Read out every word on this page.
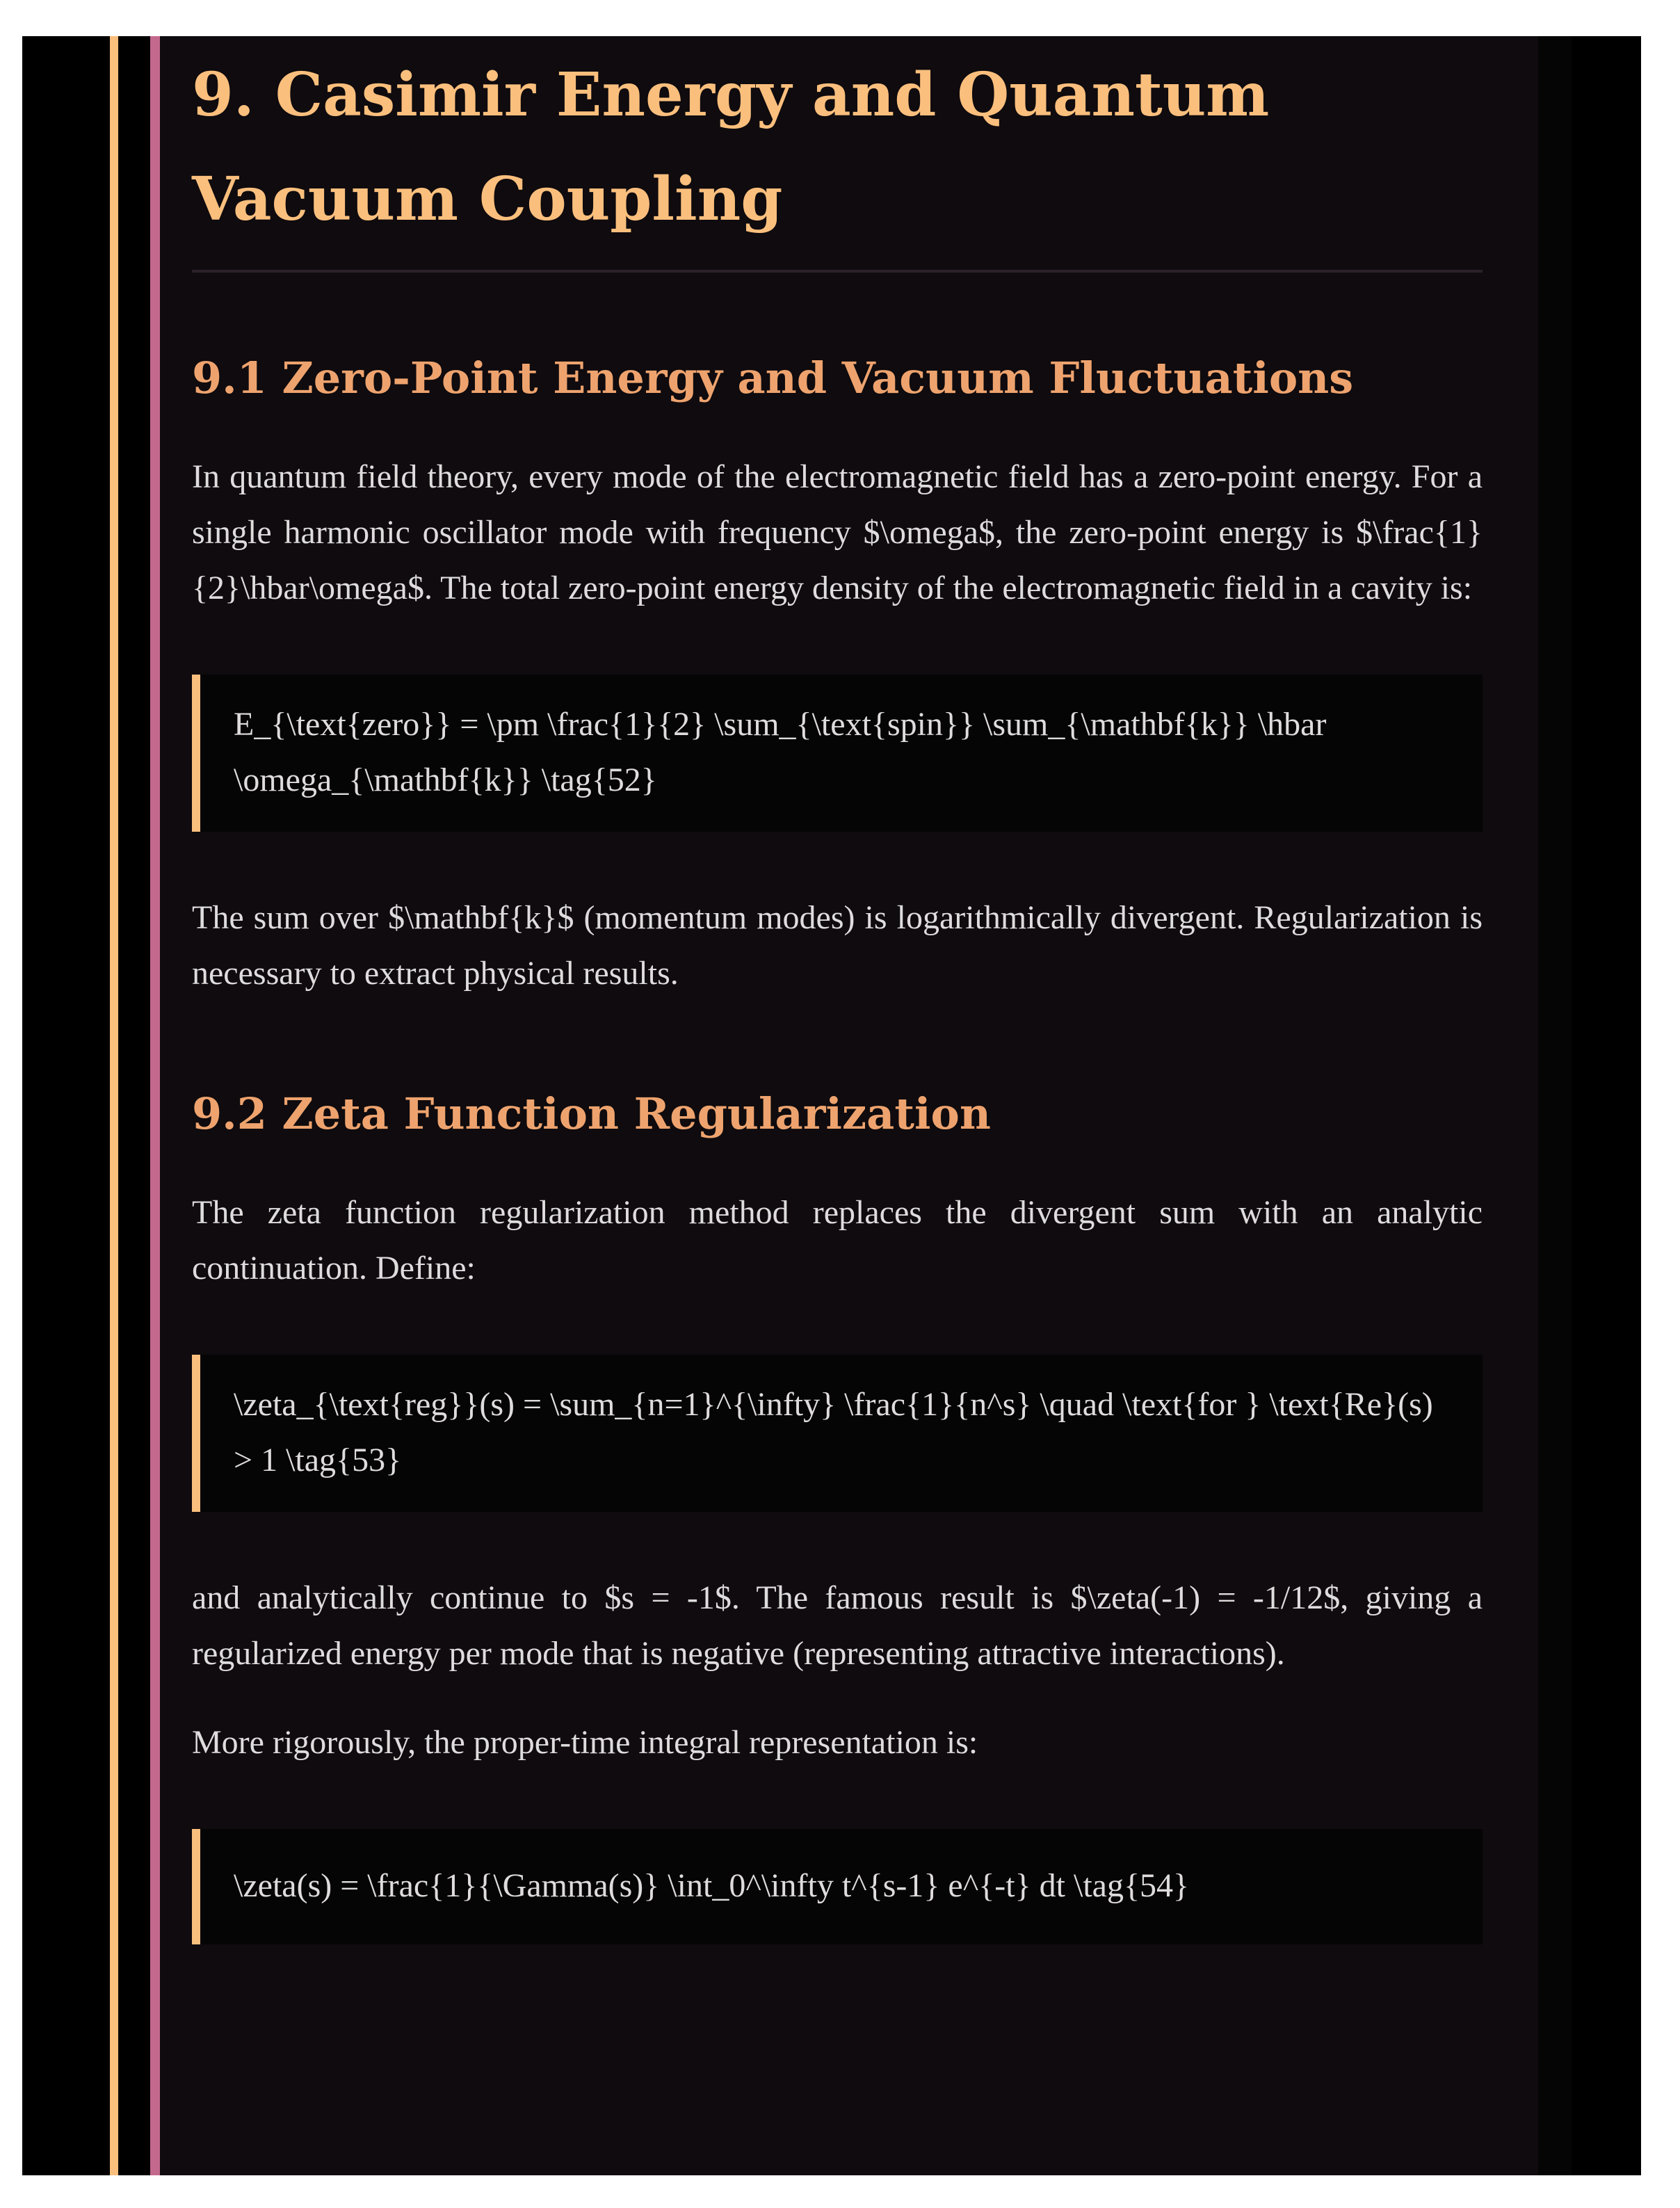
9. Casimir Energy and Quantum Vacuum Coupling
9.1 Zero-Point Energy and Vacuum Fluctuations

In quantum field theory, every mode of the electromagnetic field has a zero-point energy. For a single harmonic oscillator mode with frequency $\omega$, the zero-point energy is $\frac{1}{2}\hbar\omega$. The total zero-point energy density of the electromagnetic field in a cavity is:

E_{\text{zero}} = \pm \frac{1}{2} \sum_{\text{spin}} \sum_{\mathbf{k}} \hbar \omega_{\mathbf{k}} \tag{52}

The sum over $\mathbf{k}$ (momentum modes) is logarithmically divergent. Regularization is necessary to extract physical results.

9.2 Zeta Function Regularization

The zeta function regularization method replaces the divergent sum with an analytic continuation. Define:

\zeta_{\text{reg}}(s) = \sum_{n=1}^{\infty} \frac{1}{n^s} \quad \text{for } \text{Re}(s) > 1 \tag{53}

and analytically continue to $s = -1$. The famous result is $\zeta(-1) = -1/12$, giving a regularized energy per mode that is negative (representing attractive interactions).

More rigorously, the proper-time integral representation is:

\zeta(s) = \frac{1}{\Gamma(s)} \int_0^\infty t^{s-1} e^{-t} dt \tag{54}
